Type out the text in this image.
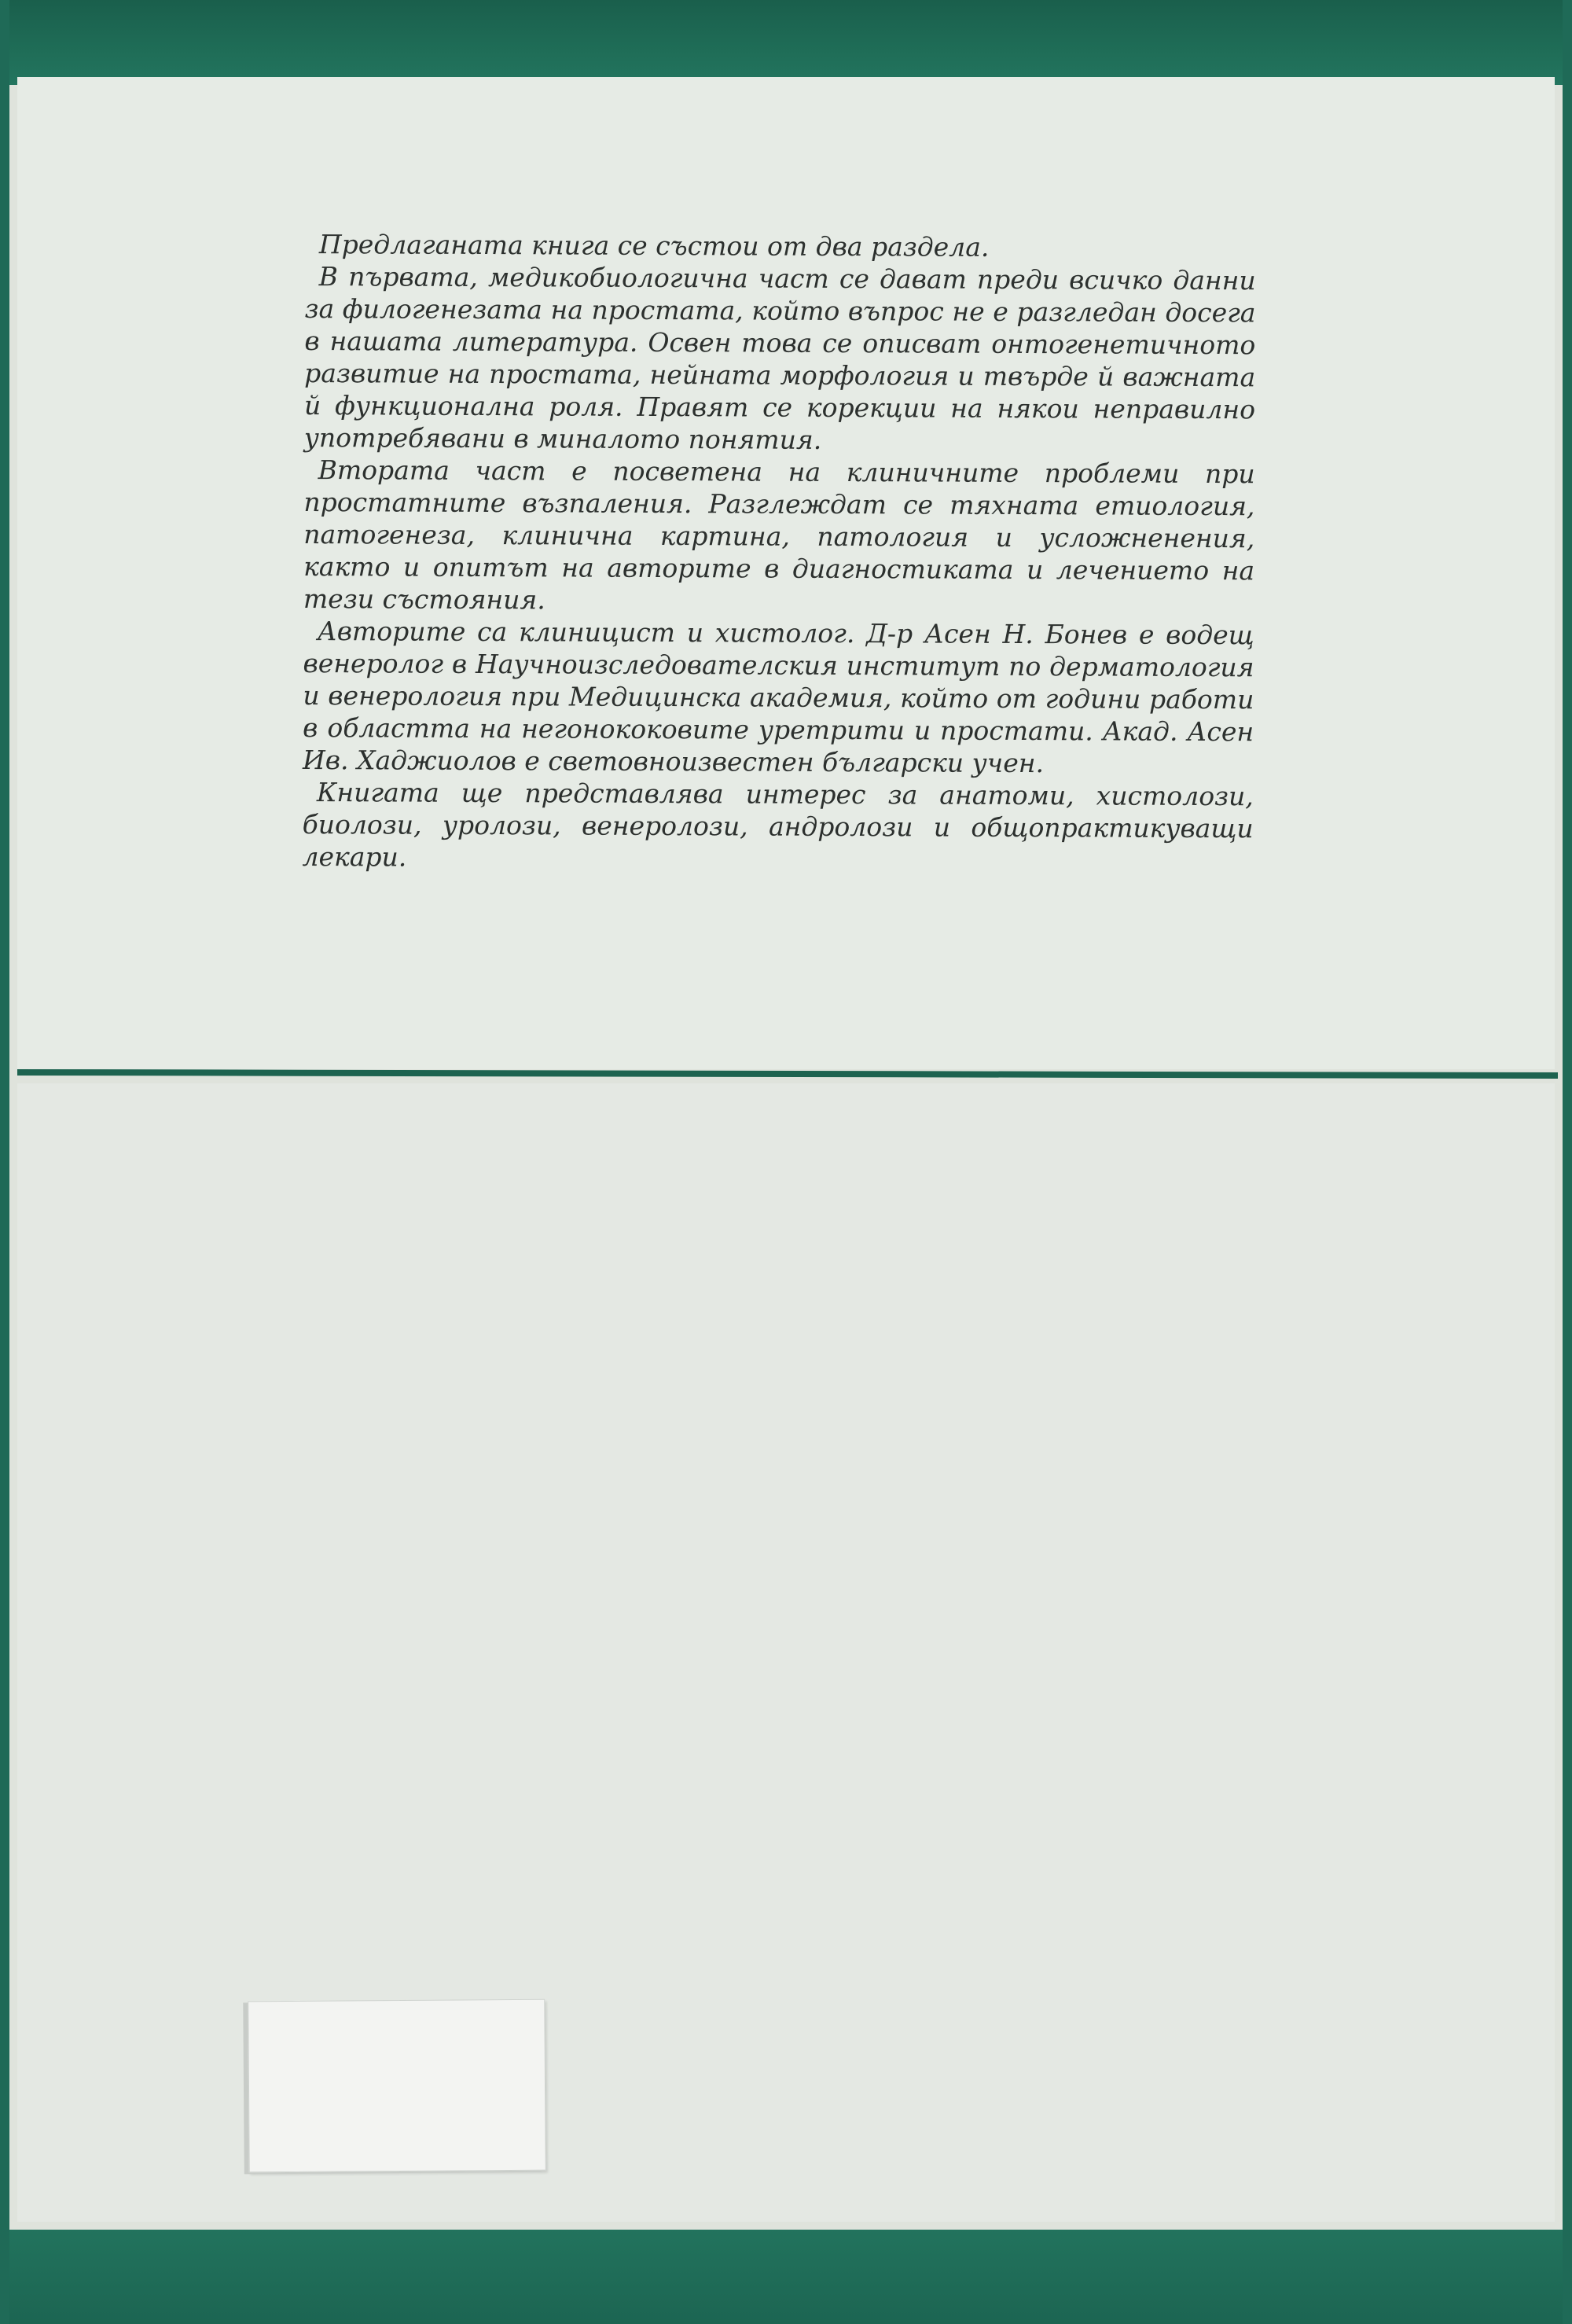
Предлаганата книга се състои от два раздела.

В първата, медикобиологична част се дават преди всичко данни за филогенезата на простата, който въпрос не е разгледан досега в нашата литература. Освен това се описват онтогенетичното развитие на простата, нейната морфология и твърде й важната й функционална роля. Правят се корекции на някои неправилно употребявани в миналото понятия.

Втората част е посветена на клиничните проблеми при простатните възпаления. Разглеждат се тяхната етиология, патогенеза, клинична картина, патология и усложненения, както и опитът на авторите в диагностиката и лечението на тези състояния.

Авторите са клиницист и хистолог. Д-р Асен Н. Бонев е водещ венеролог в Научноизследователския институт по дерматология и венерология при Медицинска академия, който от години работи в областта на негонококовите уретрити и простати. Акад. Асен Ив. Хаджиолов е световноизвестен български учен.

Книгата ще представлява интерес за анатоми, хистолози, биолози, уролози, венеролози, андролози и общопрактикуващи лекари.
